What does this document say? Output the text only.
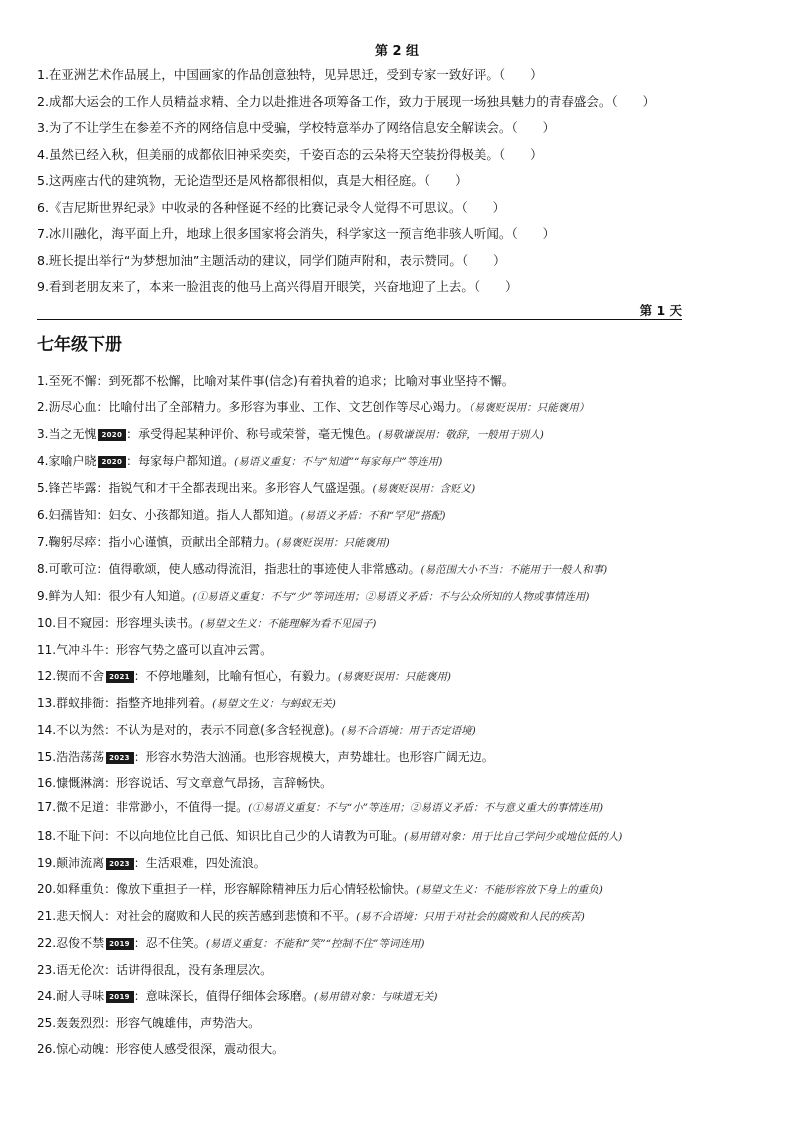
第 2 组
1.在亚洲艺术作品展上，中国画家的作品创意独特，见异思迁，受到专家一致好评。（　　）
2.成都大运会的工作人员精益求精、全力以赴推进各项筹备工作，致力于展现一场独具魅力的青春盛会。（　　）
3.为了不让学生在参差不齐的网络信息中受骗，学校特意举办了网络信息安全解读会。（　　）
4.虽然已经入秋，但美丽的成都依旧神采奕奕，千姿百态的云朵将天空装扮得极美。（　　）
5.这两座古代的建筑物，无论造型还是风格都很相似，真是大相径庭。（　　）
6.《吉尼斯世界纪录》中收录的各种怪诞不经的比赛记录令人觉得不可思议。（　　）
7.冰川融化，海平面上升，地球上很多国家将会消失，科学家这一预言绝非骇人听闻。（　　）
8.班长提出举行“为梦想加油”主题活动的建议，同学们随声附和，表示赞同。（　　）
9.看到老朋友来了，本来一脸沮丧的他马上高兴得眉开眼笑，兴奋地迎了上去。（　　）
第 1 天
七年级下册
1.至死不懈：到死都不松懈，比喻对某件事(信念)有着执着的追求；比喻对事业坚持不懈。
2.沥尽心血：比喻付出了全部精力。多形容为事业、工作、文艺创作等尽心竭力。（易褒贬误用：只能褒用）
3.当之无愧 2020 ：承受得起某种评价、称号或荣誉，毫无愧色。(易敬谦误用：敬辞，一般用于别人)
4.家喻户晓 2020 ：每家每户都知道。(易语义重复：不与“知道”“每家每户”等连用)
5.锋芒毕露：指锐气和才干全都表现出来。多形容人气盛逞强。(易褒贬误用：含贬义)
6.妇孺皆知：妇女、小孩都知道。指人人都知道。(易语义矛盾：不和“罕见”搭配)
7.鞠躬尽瘁：指小心谨慎，贡献出全部精力。(易褒贬误用：只能褒用)
8.可歌可泣：值得歌颂，使人感动得流泪，指悲壮的事迹使人非常感动。(易范围大小不当：不能用于一般人和事)
9.鲜为人知：很少有人知道。(①易语义重复：不与“少”等词连用；②易语义矛盾：不与公众所知的人物或事情连用)
10.目不窥园：形容埋头读书。(易望文生义：不能理解为看不见园子)
11.气冲斗牛：形容气势之盛可以直冲云霄。
12.锲而不舍 2021 ：不停地雕刻，比喻有恒心，有毅力。(易褒贬误用：只能褒用)
13.群蚁排衙：指整齐地排列着。(易望文生义：与蚂蚁无关)
14.不以为然：不认为是对的，表示不同意(多含轻视意)。(易不合语境：用于否定语境)
15.浩浩荡荡 2023 ：形容水势浩大汹涌。也形容规模大，声势雄壮。也形容广阔无边。
16.慷慨淋漓：形容说话、写文章意气昂扬，言辞畅快。
17.微不足道：非常渺小，不值得一提。(①易语义重复：不与“小”等连用；②易语义矛盾：不与意义重大的事情连用)
18.不耻下问：不以向地位比自己低、知识比自己少的人请教为可耻。(易用错对象：用于比自己学问少或地位低的人)
19.颠沛流离 2023 ：生活艰难，四处流浪。
20.如释重负：像放下重担子一样，形容解除精神压力后心情轻松愉快。(易望文生义：不能形容放下身上的重负)
21.悲天悯人：对社会的腐败和人民的疾苦感到悲愤和不平。(易不合语境：只用于对社会的腐败和人民的疾苦)
22.忍俊不禁 2019 ：忍不住笑。(易语义重复：不能和“笑”“控制不住”等词连用)
23.语无伦次：话讲得很乱，没有条理层次。
24.耐人寻味 2019 ：意味深长，值得仔细体会琢磨。(易用错对象：与味道无关)
25.轰轰烈烈：形容气魄雄伟，声势浩大。
26.惊心动魄：形容使人感受很深，震动很大。
